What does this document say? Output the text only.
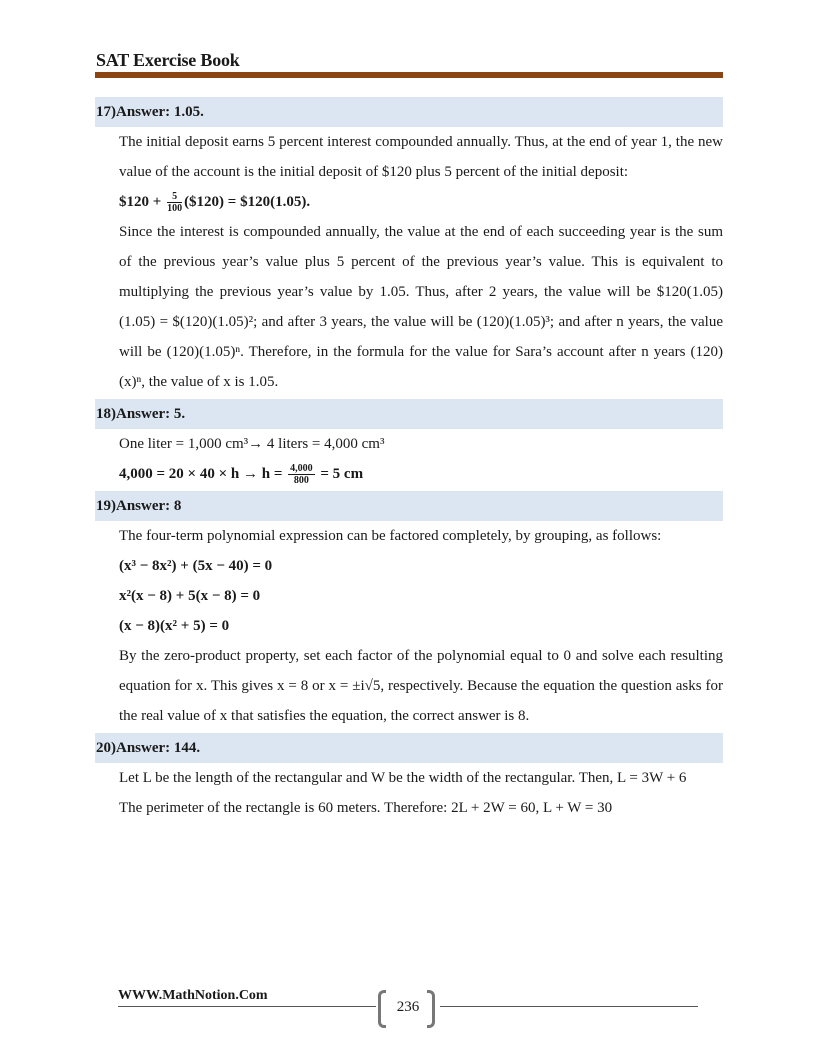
SAT Exercise Book
17)Answer: 1.05.
The initial deposit earns 5 percent interest compounded annually. Thus, at the end of year 1, the new value of the account is the initial deposit of $120 plus 5 percent of the initial deposit:
$120 + $\frac{5}{100}$ ($120) = $120(1.05).
Since the interest is compounded annually, the value at the end of each succeeding year is the sum of the previous year’s value plus 5 percent of the previous year’s value. This is equivalent to multiplying the previous year’s value by 1.05. Thus, after 2 years, the value will be $120(1.05) (1.05) = $(120)(1.05)²; and after 3 years, the value will be (120)(1.05)³; and after n years, the value will be (120)(1.05)ⁿ. Therefore, in the formula for the value for Sara’s account after n years (120)(x)ⁿ, the value of x is 1.05.
18)Answer: 5.
One liter = 1,000 cm³→ 4 liters = 4,000 cm³
$4,000 = 20 \times 40 \times h \to h = \frac{4,000}{800} = 5$ cm
19)Answer: 8
The four-term polynomial expression can be factored completely, by grouping, as follows:
(x³ − 8x²) + (5x − 40) = 0
x²(x − 8) + 5(x − 8) = 0
(x − 8)(x² + 5) = 0
By the zero-product property, set each factor of the polynomial equal to 0 and solve each resulting equation for x. This gives x = 8 or x = ±i√5, respectively. Because the equation the question asks for the real value of x that satisfies the equation, the correct answer is 8.
20)Answer: 144.
Let L be the length of the rectangular and W be the width of the rectangular. Then, L = 3W + 6
The perimeter of the rectangle is 60 meters. Therefore: 2L + 2W = 60, L + W = 30
WWW.MathNotion.Com
236
